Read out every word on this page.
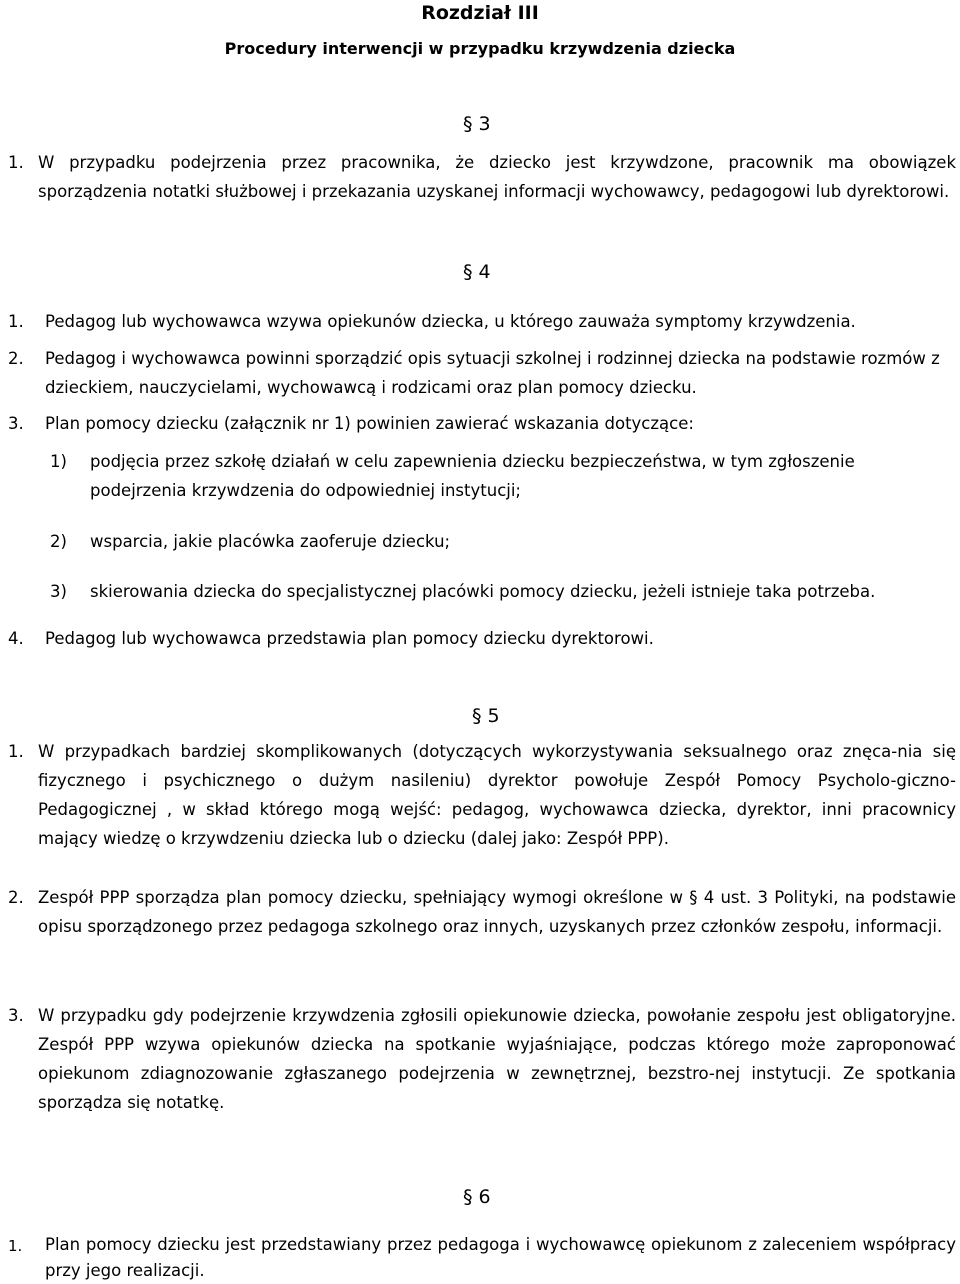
Rozdział III
Procedury interwencji w przypadku krzywdzenia dziecka
§ 3
1. W przypadku podejrzenia przez pracownika, że dziecko jest krzywdzone, pracownik ma obowiązek sporządzenia notatki służbowej i przekazania uzyskanej informacji wychowawcy, pedagogowi lub dyrektorowi.
§ 4
1. Pedagog lub wychowawca wzywa opiekunów dziecka, u którego zauważa symptomy krzywdzenia.
2. Pedagog i wychowawca powinni sporządzić opis sytuacji szkolnej i rodzinnej dziecka na podstawie rozmów z dzieckiem, nauczycielami, wychowawcą i rodzicami oraz plan pomocy dziecku.
3. Plan pomocy dziecku (załącznik nr 1) powinien zawierać wskazania dotyczące:
1) podjęcia przez szkołę działań w celu zapewnienia dziecku bezpieczeństwa, w tym zgłoszenie podejrzenia krzywdzenia do odpowiedniej instytucji;
2) wsparcia, jakie placówka zaoferuje dziecku;
3) skierowania dziecka do specjalistycznej placówki pomocy dziecku, jeżeli istnieje taka potrzeba.
4. Pedagog lub wychowawca przedstawia plan pomocy dziecku dyrektorowi.
§ 5
1. W przypadkach bardziej skomplikowanych (dotyczących wykorzystywania seksualnego oraz znęca-nia się fizycznego i psychicznego o dużym nasileniu) dyrektor powołuje Zespół Pomocy Psycholo-giczno-Pedagogicznej , w skład którego mogą wejść: pedagog, wychowawca dziecka, dyrektor, inni pracownicy mający wiedzę o krzywdzeniu dziecka lub o dziecku (dalej jako: Zespół PPP).
2. Zespół PPP sporządza plan pomocy dziecku, spełniający wymogi określone w § 4 ust. 3 Polityki, na podstawie opisu sporządzonego przez pedagoga szkolnego oraz innych, uzyskanych przez członków zespołu, informacji.
3. W przypadku gdy podejrzenie krzywdzenia zgłosili opiekunowie dziecka, powołanie zespołu jest obligatoryjne. Zespół PPP wzywa opiekunów dziecka na spotkanie wyjaśniające, podczas którego może zaproponować opiekunom zdiagnozowanie zgłaszanego podejrzenia w zewnętrznej, bezstro-nej instytucji. Ze spotkania sporządza się notatkę.
§ 6
1. Plan pomocy dziecku jest przedstawiany przez pedagoga i wychowawcę opiekunom z zaleceniem współpracy przy jego realizacji.
